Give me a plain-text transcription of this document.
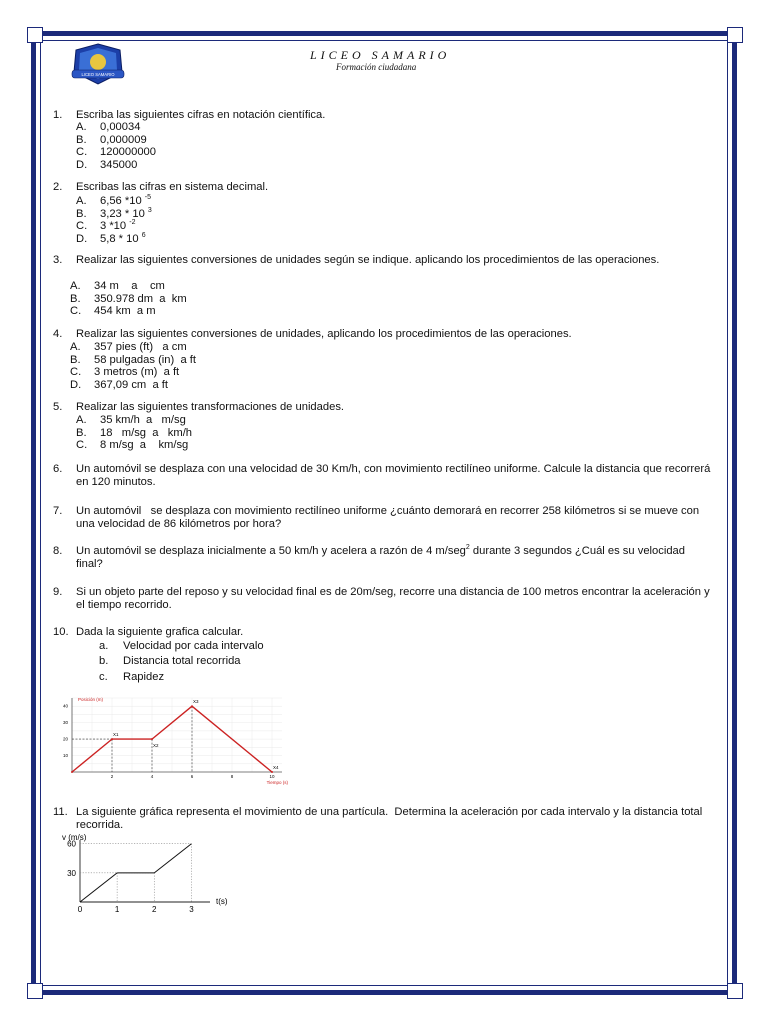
LICEO SAMARIO
LICEO SAMARIO
Formación ciudadana
1. Escriba las siguientes cifras en notación científica.
A. 0,00034
B. 0,000009
C. 120000000
D. 345000
2. Escribas las cifras en sistema decimal.
A. 6,56 *10 $^{-5}$
B. 3,23 * 10 $^3$
C. 3 *10 $^{-2}$
D. 5,8 * 10 $^6$
3. Realizar las siguientes conversiones de unidades según se indique. aplicando los procedimientos de las operaciones.
A. 34 m    a    cm
B. 350.978 dm  a  km
C. 454 km  a m
4. Realizar las siguientes conversiones de unidades, aplicando los procedimientos de las operaciones.
A. 357 pies (ft)   a cm
B. 58 pulgadas (in)  a ft
C. 3 metros (m)  a ft
D. 367,09 cm  a ft
5. Realizar las siguientes transformaciones de unidades.
A. 35 km/h  a   m/sg
B. 18   m/sg  a   km/h
C. 8 m/sg  a    km/sg
6. Un automóvil se desplaza con una velocidad de 30 Km/h, con movimiento rectilíneo uniforme. Calcule la distancia que recorrerá en 120 minutos.
7. Un automóvil   se desplaza con movimiento rectilíneo uniforme ¿cuánto demorará en recorrer 258 kilómetros si se mueve con una velocidad de 86 kilómetros por hora?
8. Un automóvil se desplaza inicialmente a 50 km/h y acelera a razón de 4 m/seg$^2$ durante 3 segundos ¿Cuál es su velocidad final?
9. Si un objeto parte del reposo y su velocidad final es de 20m/seg, recorre una distancia de 100 metros encontrar la aceleración y el tiempo recorrido.
10. Dada la siguiente grafica calcular.
a. Velocidad por cada intervalo
b. Distancia total recorrida
c. Rapidez
40
30
20
10
2	4	6	8	10
X1
X2
X3
X4
Posición (m)
Tiempo (s)
11. La siguiente gráfica representa el movimiento de una partícula.  Determina la aceleración por cada intervalo y la distancia total recorrida.
60
30
0	1	2	3
v (m/s)
t(s)
